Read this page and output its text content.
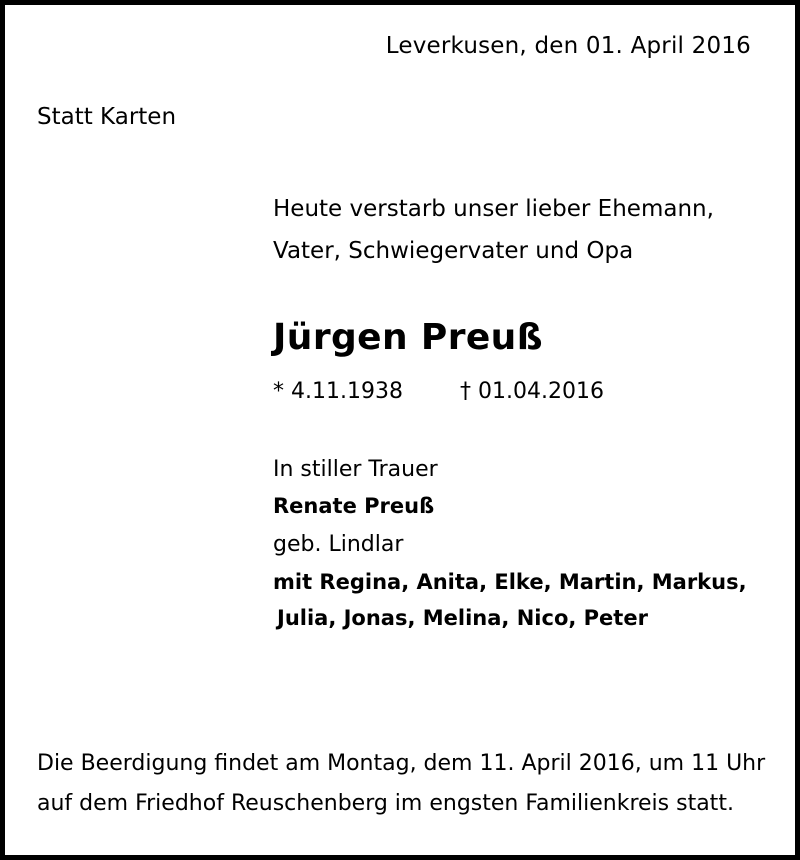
Leverkusen, den 01. April 2016
Statt Karten
Heute verstarb unser lieber Ehemann,
Vater, Schwiegervater und Opa
Jürgen Preuß
* 4.11.1938	† 01.04.2016
In stiller Trauer
Renate Preuß
geb. Lindlar
mit Regina, Anita, Elke, Martin, Markus,
Julia, Jonas, Melina, Nico, Peter
Die Beerdigung findet am Montag, dem 11. April 2016, um 11 Uhr
auf dem Friedhof Reuschenberg im engsten Familienkreis statt.
